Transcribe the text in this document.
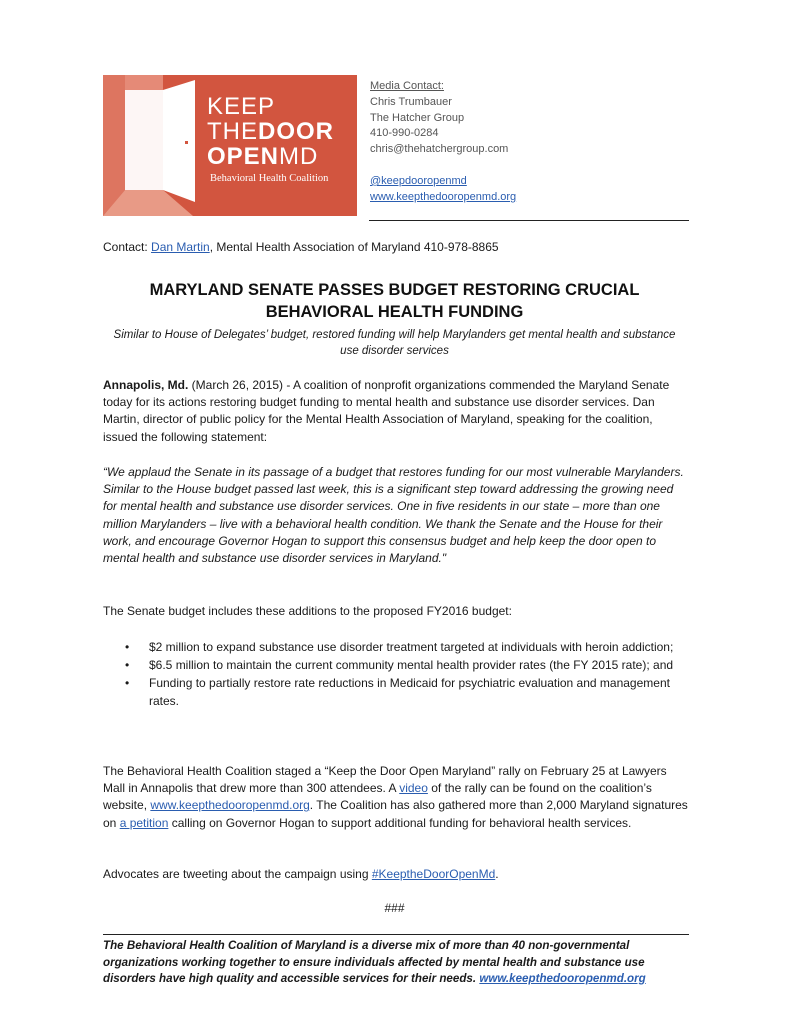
KEEP
THEDOOR
OPENMD
Behavioral Health Coalition
Media Contact:
Chris Trumbauer
The Hatcher Group
410-990-0284
chris@thehatchergroup.com
@keepdooropenmd
www.keepthedooropenmd.org
Contact: Dan Martin, Mental Health Association of Maryland 410-978-8865
MARYLAND SENATE PASSES BUDGET RESTORING CRUCIAL
BEHAVIORAL HEALTH FUNDING
Similar to House of Delegates’ budget, restored funding will help Marylanders get mental health and substance use disorder services
Annapolis, Md. (March 26, 2015) - A coalition of nonprofit organizations commended the Maryland Senate today for its actions restoring budget funding to mental health and substance use disorder services. Dan Martin, director of public policy for the Mental Health Association of Maryland, speaking for the coalition, issued the following statement:
“We applaud the Senate in its passage of a budget that restores funding for our most vulnerable Marylanders. Similar to the House budget passed last week, this is a significant step toward addressing the growing need for mental health and substance use disorder services. One in five residents in our state – more than one million Marylanders – live with a behavioral health condition. We thank the Senate and the House for their work, and encourage Governor Hogan to support this consensus budget and help keep the door open to mental health and substance use disorder services in Maryland."
The Senate budget includes these additions to the proposed FY2016 budget:
• $2 million to expand substance use disorder treatment targeted at individuals with heroin addiction;
• $6.5 million to maintain the current community mental health provider rates (the FY 2015 rate); and
• Funding to partially restore rate reductions in Medicaid for psychiatric evaluation and management rates.
The Behavioral Health Coalition staged a “Keep the Door Open Maryland” rally on February 25 at Lawyers Mall in Annapolis that drew more than 300 attendees. A video of the rally can be found on the coalition’s website, www.keepthedooropenmd.org. The Coalition has also gathered more than 2,000 Maryland signatures on a petition calling on Governor Hogan to support additional funding for behavioral health services.
Advocates are tweeting about the campaign using #KeeptheDoorOpenMd.
###
The Behavioral Health Coalition of Maryland is a diverse mix of more than 40 non-governmental organizations working together to ensure individuals affected by mental health and substance use disorders have high quality and accessible services for their needs. www.keepthedooropenmd.org
